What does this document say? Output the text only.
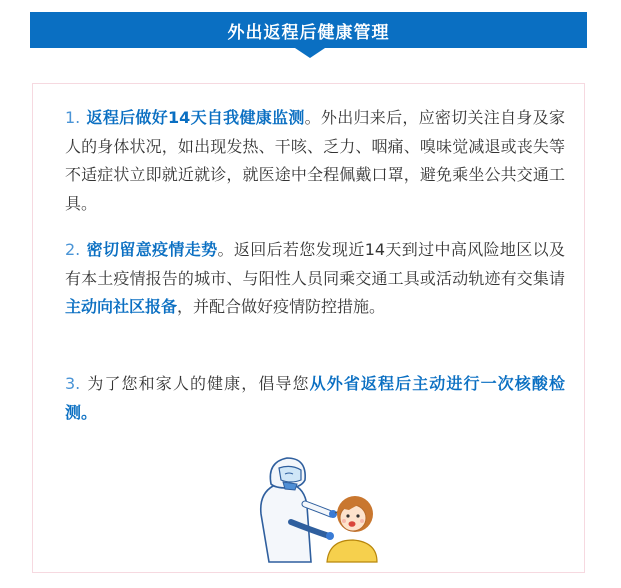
外出返程后健康管理
1. 返程后做好14天自我健康监测。外出归来后，应密切关注自身及家人的身体状况，如出现发热、干咳、乏力、咽痛、嗅味觉减退或丧失等不适症状立即就近就诊，就医途中全程佩戴口罩，避免乘坐公共交通工具。
2. 密切留意疫情走势。返回后若您发现近14天到过中高风险地区以及有本土疫情报告的城市、与阳性人员同乘交通工具或活动轨迹有交集请主动向社区报备，并配合做好疫情防控措施。
3. 为了您和家人的健康，倡导您从外省返程后主动进行一次核酸检测。
